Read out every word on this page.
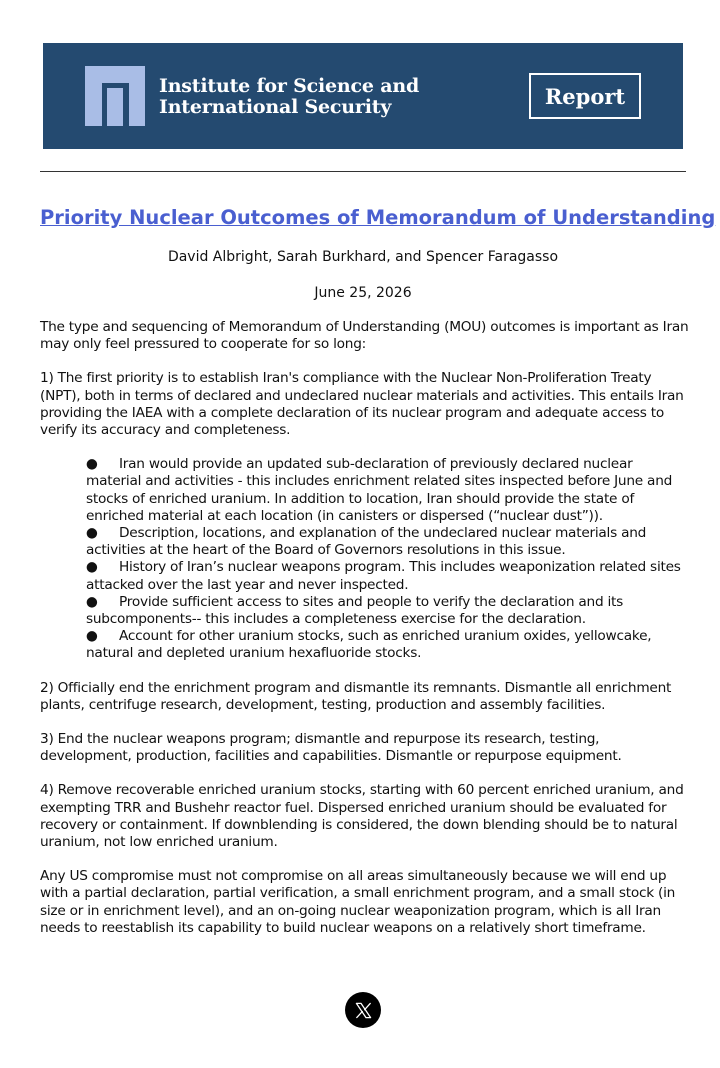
Institute for Science and
International Security	Report
Priority Nuclear Outcomes of Memorandum of Understanding
David Albright, Sarah Burkhard, and Spencer Faragasso
June 25, 2026

The type and sequencing of Memorandum of Understanding (MOU) outcomes is important as Iran may only feel pressured to cooperate for so long:

1) The first priority is to establish Iran's compliance with the Nuclear Non-Proliferation Treaty (NPT), both in terms of declared and undeclared nuclear materials and activities. This entails Iran providing the IAEA with a complete declaration of its nuclear program and adequate access to verify its accuracy and completeness.

● Iran would provide an updated sub-declaration of previously declared nuclear material and activities - this includes enrichment related sites inspected before June and stocks of enriched uranium. In addition to location, Iran should provide the state of enriched material at each location (in canisters or dispersed (“nuclear dust”)).
● Description, locations, and explanation of the undeclared nuclear materials and activities at the heart of the Board of Governors resolutions in this issue.
● History of Iran’s nuclear weapons program. This includes weaponization related sites attacked over the last year and never inspected.
● Provide sufficient access to sites and people to verify the declaration and its subcomponents-- this includes a completeness exercise for the declaration.
● Account for other uranium stocks, such as enriched uranium oxides, yellowcake, natural and depleted uranium hexafluoride stocks.

2) Officially end the enrichment program and dismantle its remnants. Dismantle all enrichment plants, centrifuge research, development, testing, production and assembly facilities.

3) End the nuclear weapons program; dismantle and repurpose its research, testing, development, production, facilities and capabilities. Dismantle or repurpose equipment.

4) Remove recoverable enriched uranium stocks, starting with 60 percent enriched uranium, and exempting TRR and Bushehr reactor fuel. Dispersed enriched uranium should be evaluated for recovery or containment. If downblending is considered, the down blending should be to natural uranium, not low enriched uranium.

Any US compromise must not compromise on all areas simultaneously because we will end up with a partial declaration, partial verification, a small enrichment program, and a small stock (in size or in enrichment level), and an on-going nuclear weaponization program, which is all Iran needs to reestablish its capability to build nuclear weapons on a relatively short timeframe.
